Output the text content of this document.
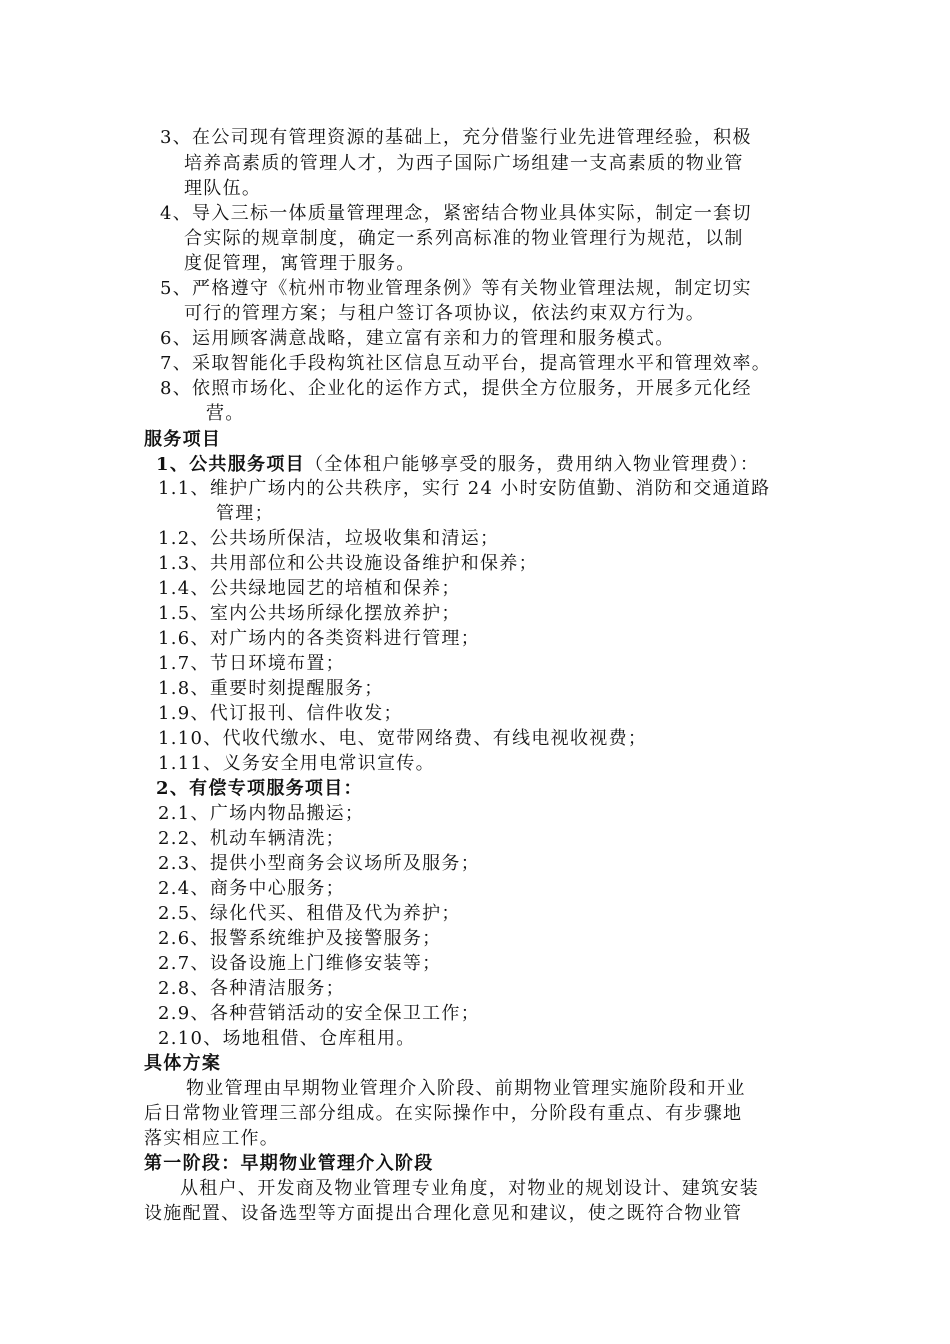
3、在公司现有管理资源的基础上，充分借鉴行业先进管理经验，积极
培养高素质的管理人才，为西子国际广场组建一支高素质的物业管
理队伍。
4、导入三标一体质量管理理念，紧密结合物业具体实际，制定一套切
合实际的规章制度，确定一系列高标准的物业管理行为规范，以制
度促管理，寓管理于服务。
5、严格遵守《杭州市物业管理条例》等有关物业管理法规，制定切实
可行的管理方案；与租户签订各项协议，依法约束双方行为。
6、运用顾客满意战略，建立富有亲和力的管理和服务模式。
7、采取智能化手段构筑社区信息互动平台，提高管理水平和管理效率。
8、依照市场化、企业化的运作方式，提供全方位服务，开展多元化经
营。
服务项目
1、公共服务项目（全体租户能够享受的服务，费用纳入物业管理费）：
1.1、维护广场内的公共秩序，实行 24 小时安防值勤、消防和交通道路
管理；
1.2、公共场所保洁，垃圾收集和清运；
1.3、共用部位和公共设施设备维护和保养；
1.4、公共绿地园艺的培植和保养；
1.5、室内公共场所绿化摆放养护；
1.6、对广场内的各类资料进行管理；
1.7、节日环境布置；
1.8、重要时刻提醒服务；
1.9、代订报刊、信件收发；
1.10、代收代缴水、电、宽带网络费、有线电视收视费；
1.11、义务安全用电常识宣传。
2、有偿专项服务项目：
2.1、广场内物品搬运；
2.2、机动车辆清洗；
2.3、提供小型商务会议场所及服务；
2.4、商务中心服务；
2.5、绿化代买、租借及代为养护；
2.6、报警系统维护及接警服务；
2.7、设备设施上门维修安装等；
2.8、各种清洁服务；
2.9、各种营销活动的安全保卫工作；
2.10、场地租借、仓库租用。
具体方案
物业管理由早期物业管理介入阶段、前期物业管理实施阶段和开业
后日常物业管理三部分组成。在实际操作中，分阶段有重点、有步骤地
落实相应工作。
第一阶段：早期物业管理介入阶段
从租户、开发商及物业管理专业角度，对物业的规划设计、建筑安装
设施配置、设备选型等方面提出合理化意见和建议，使之既符合物业管
